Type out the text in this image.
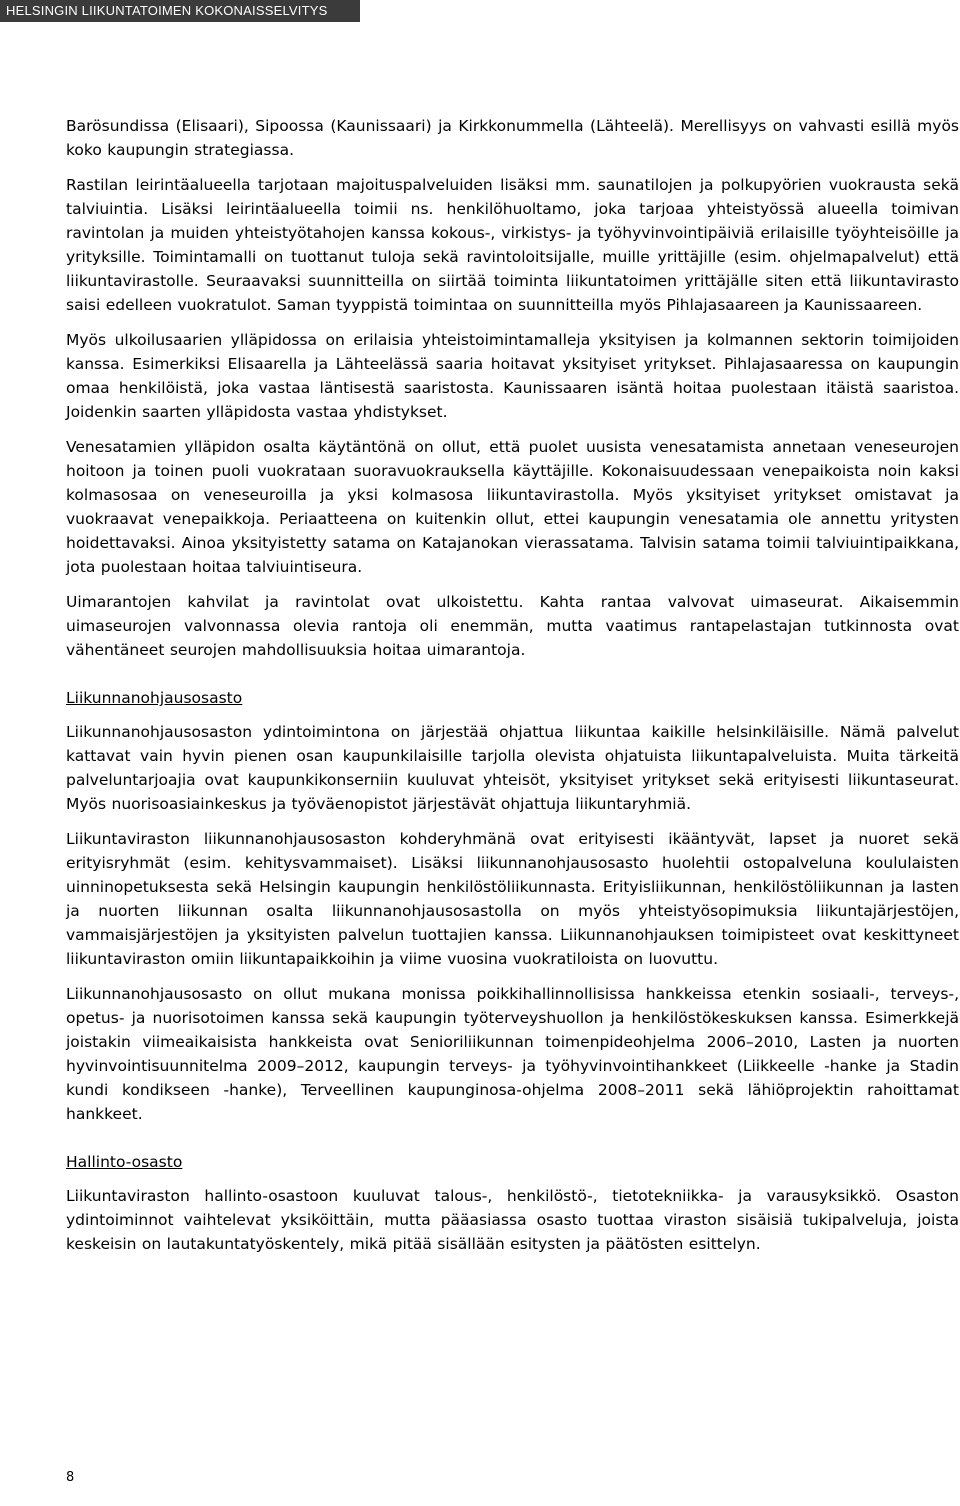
HELSINGIN LIIKUNTATOIMEN KOKONAISSELVITYS

Barösundissa (Elisaari), Sipoossa (Kaunissaari) ja Kirkkonummella (Lähteelä). Merellisyys on vahvasti esillä myös koko kaupungin strategiassa.

Rastilan leirintäalueella tarjotaan majoituspalveluiden lisäksi mm. saunatilojen ja polkupyörien vuokrausta sekä talviuintia. Lisäksi leirintäalueella toimii ns. henkilöhuoltamo, joka tarjoaa yhteistyössä alueella toimivan ravintolan ja muiden yhteistyötahojen kanssa kokous-, virkistys- ja työhyvinvointipäiviä erilaisille työyhteisöille ja yrityksille. Toimintamalli on tuottanut tuloja sekä ravintoloitsijalle, muille yrittäjille (esim. ohjelmapalvelut) että liikuntavirastolle. Seuraavaksi suunnitteilla on siirtää toiminta liikuntatoimen yrittäjälle siten että liikuntavirasto saisi edelleen vuokratulot. Saman tyyppistä toimintaa on suunnitteilla myös Pihlajasaareen ja Kaunissaareen.

Myös ulkoilusaarien ylläpidossa on erilaisia yhteistoimintamalleja yksityisen ja kolmannen sektorin toimijoiden kanssa. Esimerkiksi Elisaarella ja Lähteelässä saaria hoitavat yksityiset yritykset. Pihlajasaaressa on kaupungin omaa henkilöistä, joka vastaa läntisestä saaristosta. Kaunissaaren isäntä hoitaa puolestaan itäistä saaristoa. Joidenkin saarten ylläpidosta vastaa yhdistykset.

Venesatamien ylläpidon osalta käytäntönä on ollut, että puolet uusista venesatamista annetaan veneseurojen hoitoon ja toinen puoli vuokrataan suoravuokrauksella käyttäjille. Kokonaisuudessaan venepaikoista noin kaksi kolmasosaa on veneseuroilla ja yksi kolmasosa liikuntavirastolla. Myös yksityiset yritykset omistavat ja vuokraavat venepaikkoja. Periaatteena on kuitenkin ollut, ettei kaupungin venesatamia ole annettu yritysten hoidettavaksi. Ainoa yksityistetty satama on Katajanokan vierassatama. Talvisin satama toimii talviuintipaikkana, jota puolestaan hoitaa talviuintiseura.

Uimarantojen kahvilat ja ravintolat ovat ulkoistettu. Kahta rantaa valvovat uimaseurat. Aikaisemmin uimaseurojen valvonnassa olevia rantoja oli enemmän, mutta vaatimus rantapelastajan tutkinnosta ovat vähentäneet seurojen mahdollisuuksia hoitaa uimarantoja.

Liikunnanohjausosasto

Liikunnanohjausosaston ydintoimintona on järjestää ohjattua liikuntaa kaikille helsinkiläisille. Nämä palvelut kattavat vain hyvin pienen osan kaupunkilaisille tarjolla olevista ohjatuista liikuntapalveluista. Muita tärkeitä palveluntarjoajia ovat kaupunkikonserniin kuuluvat yhteisöt, yksityiset yritykset sekä erityisesti liikuntaseurat. Myös nuorisoasiainkeskus ja työväenopistot järjestävät ohjattuja liikuntaryhmiä.

Liikuntaviraston liikunnanohjausosaston kohderyhmänä ovat erityisesti ikääntyvät, lapset ja nuoret sekä erityisryhmät (esim. kehitysvammaiset). Lisäksi liikunnanohjausosasto huolehtii ostopalveluna koululaisten uinninopetuksesta sekä Helsingin kaupungin henkilöstöliikunnasta. Erityisliikunnan, henkilöstöliikunnan ja lasten ja nuorten liikunnan osalta liikunnanohjausosastolla on myös yhteistyösopimuksia liikuntajärjestöjen, vammaisjärjestöjen ja yksityisten palvelun tuottajien kanssa. Liikunnanohjauksen toimipisteet ovat keskittyneet liikuntaviraston omiin liikuntapaikkoihin ja viime vuosina vuokratiloista on luovuttu.

Liikunnanohjausosasto on ollut mukana monissa poikkihallinnollisissa hankkeissa etenkin sosiaali-, terveys-, opetus- ja nuorisotoimen kanssa sekä kaupungin työterveyshuollon ja henkilöstökeskuksen kanssa. Esimerkkejä joistakin viimeaikaisista hankkeista ovat Senioriliikunnan toimenpideohjelma 2006–2010, Lasten ja nuorten hyvinvointisuunnitelma 2009–2012, kaupungin terveys- ja työhyvinvointihankkeet (Liikkeelle -hanke ja Stadin kundi kondikseen -hanke), Terveellinen kaupunginosa-ohjelma 2008–2011 sekä lähiöprojektin rahoittamat hankkeet.

Hallinto-osasto

Liikuntaviraston hallinto-osastoon kuuluvat talous-, henkilöstö-, tietotekniikka- ja varausyksikkö. Osaston ydintoiminnot vaihtelevat yksiköittäin, mutta pääasiassa osasto tuottaa viraston sisäisiä tukipalveluja, joista keskeisin on lautakuntatyöskentely, mikä pitää sisällään esitysten ja päätösten esittelyn.

8
